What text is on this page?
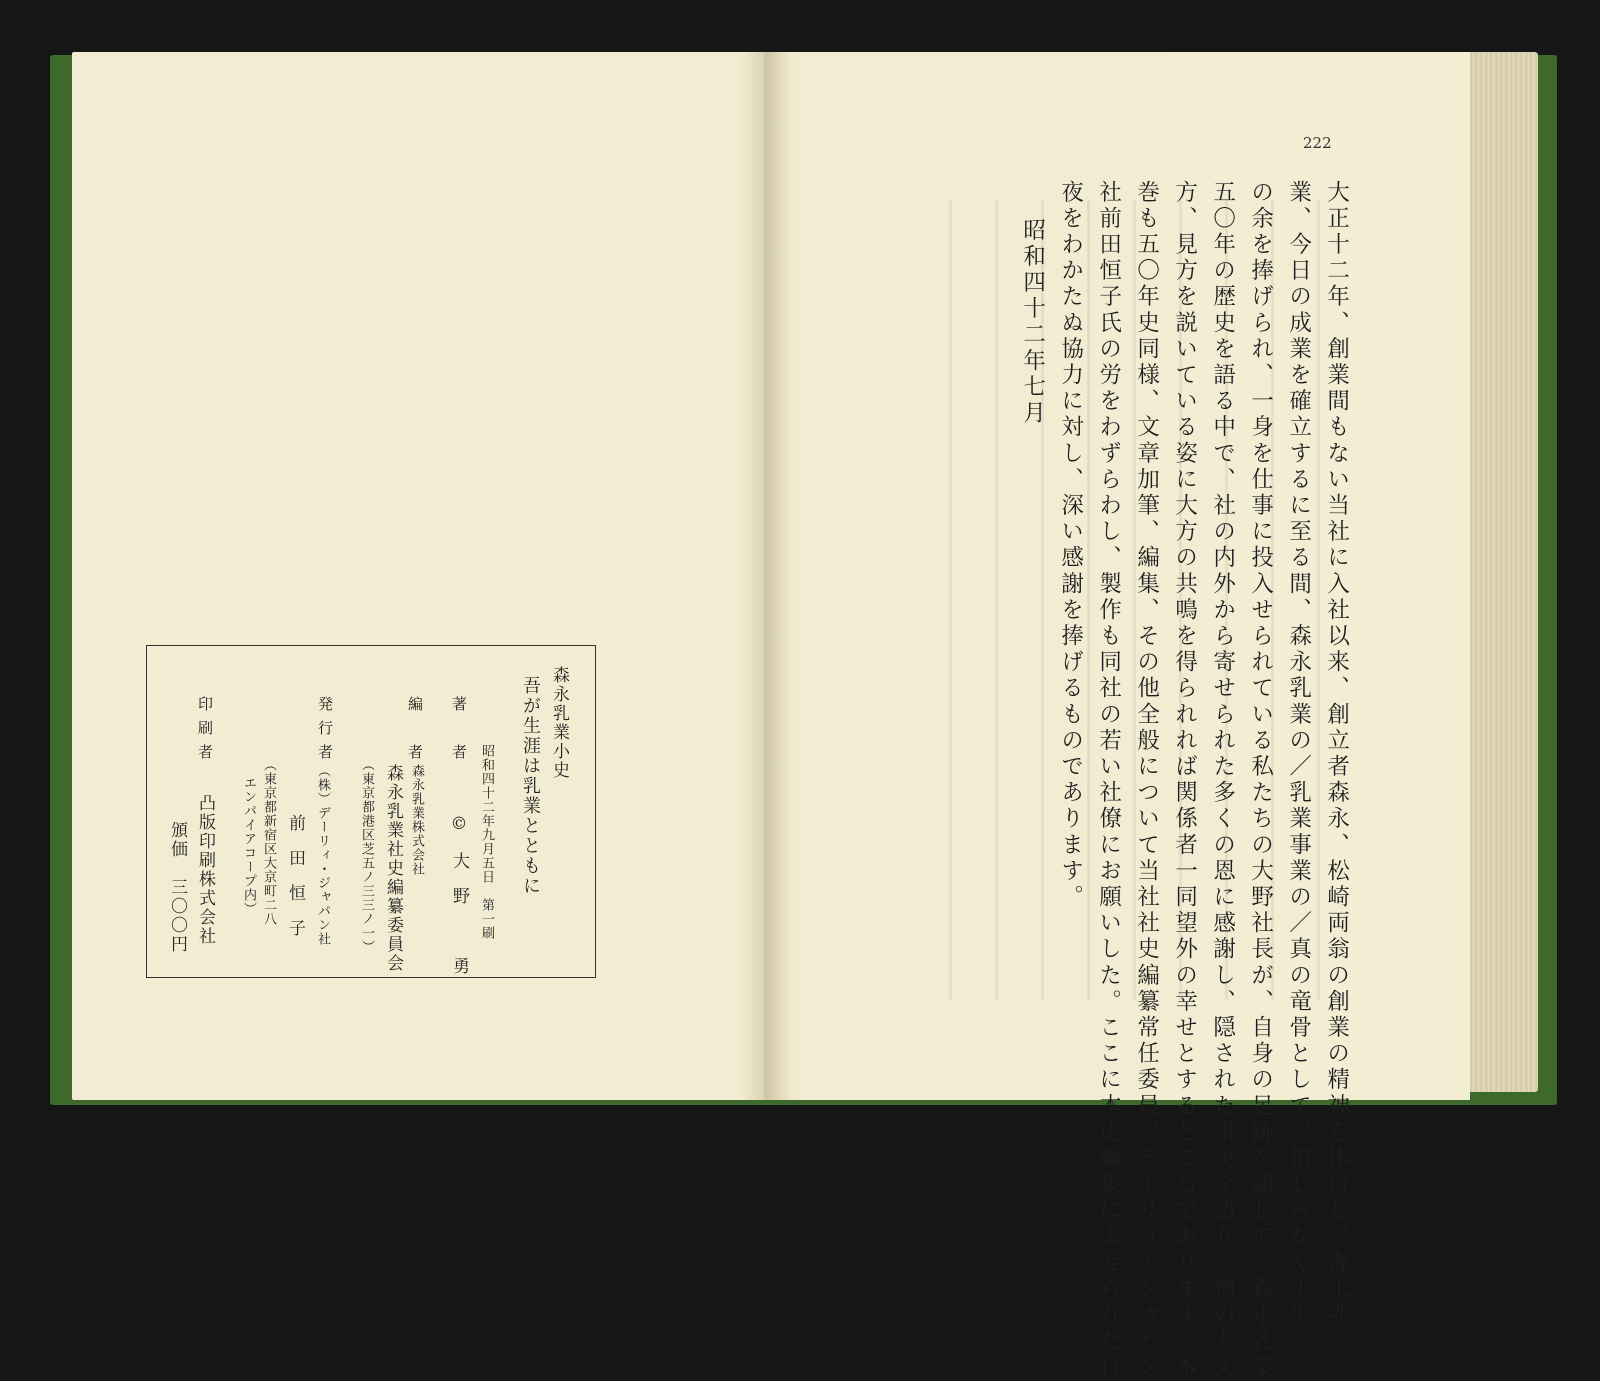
222
大正十二年、創業間もない当社に入社以来、創立者森永、松崎両翁の創業の精神を体得し、森永乳
業、今日の成業を確立するに至る間、森永乳業の／乳業事業の／真の竜骨として、惜しみなく半生
の余を捧げられ、一身を仕事に投入せられている私たちの大野社長が、自身の足跡を通して、森永乳業
五〇年の歴史を語る中で、社の内外から寄せられた多くの恩に感謝し、隠された事実を語り、物の考え
方、見方を説いている姿に大方の共鳴を得られれば関係者一同望外の幸せとするところであります。本
巻も五〇年史同様、文章加筆、編集、その他全般について当社社史編纂常任委員、デーリィ・ジャパン
社前田恒子氏の労をわずらわし、製作も同社の若い社僚にお願いした。ここに本史編集によせられた日
夜をわかたぬ協力に対し、深い感謝を捧げるものであります。
昭和四十二年七月
森永乳業小史
吾が生涯は乳業とともに
昭和四十二年九月五日　第一刷
著　者
©大野　勇
編　者
森永乳業株式会社
森永乳業社史編纂委員会
（東京都港区芝五ノ三三ノ一）
発行者
（株）デーリィ・ジャパン社
前田恒子
（東京都新宿区大京町二八
エンパイアコープ内）
印刷者
凸版印刷株式会社
頒価　三〇〇円
